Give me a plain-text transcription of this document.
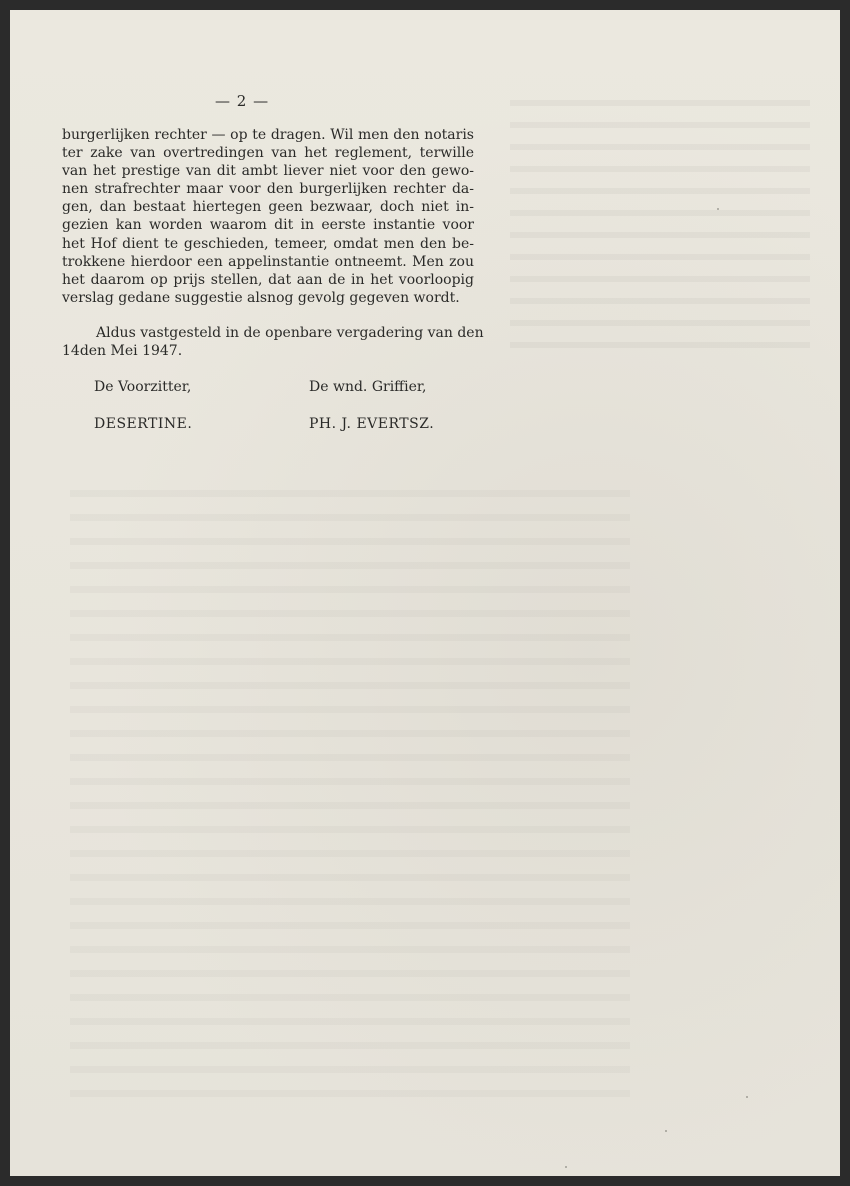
— 2 —
burgerlijken rechter — op te dragen. Wil men den notaris
ter zake van overtredingen van het reglement, terwille
van het prestige van dit ambt liever niet voor den gewo-
nen strafrechter maar voor den burgerlijken rechter da-
gen, dan bestaat hiertegen geen bezwaar, doch niet in-
gezien kan worden waarom dit in eerste instantie voor
het Hof dient te geschieden, temeer, omdat men den be-
trokkene hierdoor een appelinstantie ontneemt. Men zou
het daarom op prijs stellen, dat aan de in het voorloopig
verslag gedane suggestie alsnog gevolg gegeven wordt.
Aldus vastgesteld in de openbare vergadering van den
14den Mei 1947.
De Voorzitter,	De wnd. Griffier,
DESERTINE.	PH. J. EVERTSZ.
